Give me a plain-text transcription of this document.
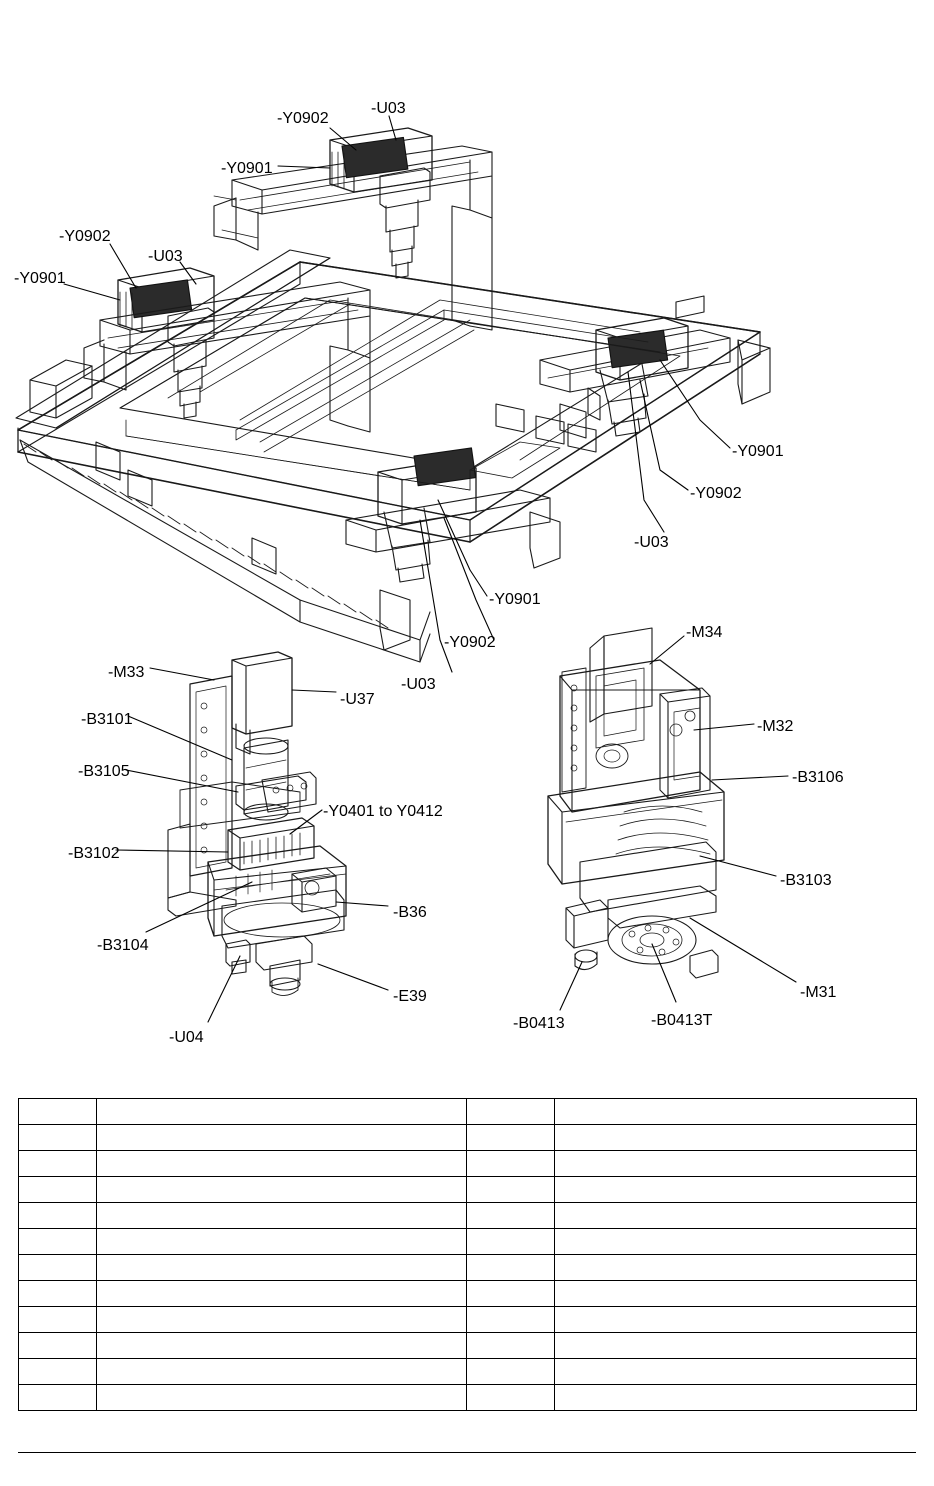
-Y0902
-U03
-Y0901
-Y0902
-U03
-Y0901
-Y0901
-Y0902
-U03
-Y0901
-Y0902
-U03
-M33
-U37
-B3101
-B3105
-Y0401 to Y0412
-B3102
-B36
-B3104
-E39
-U04
-M34
-M32
-B3106
-B3103
-M31
-B0413	-B0413T
